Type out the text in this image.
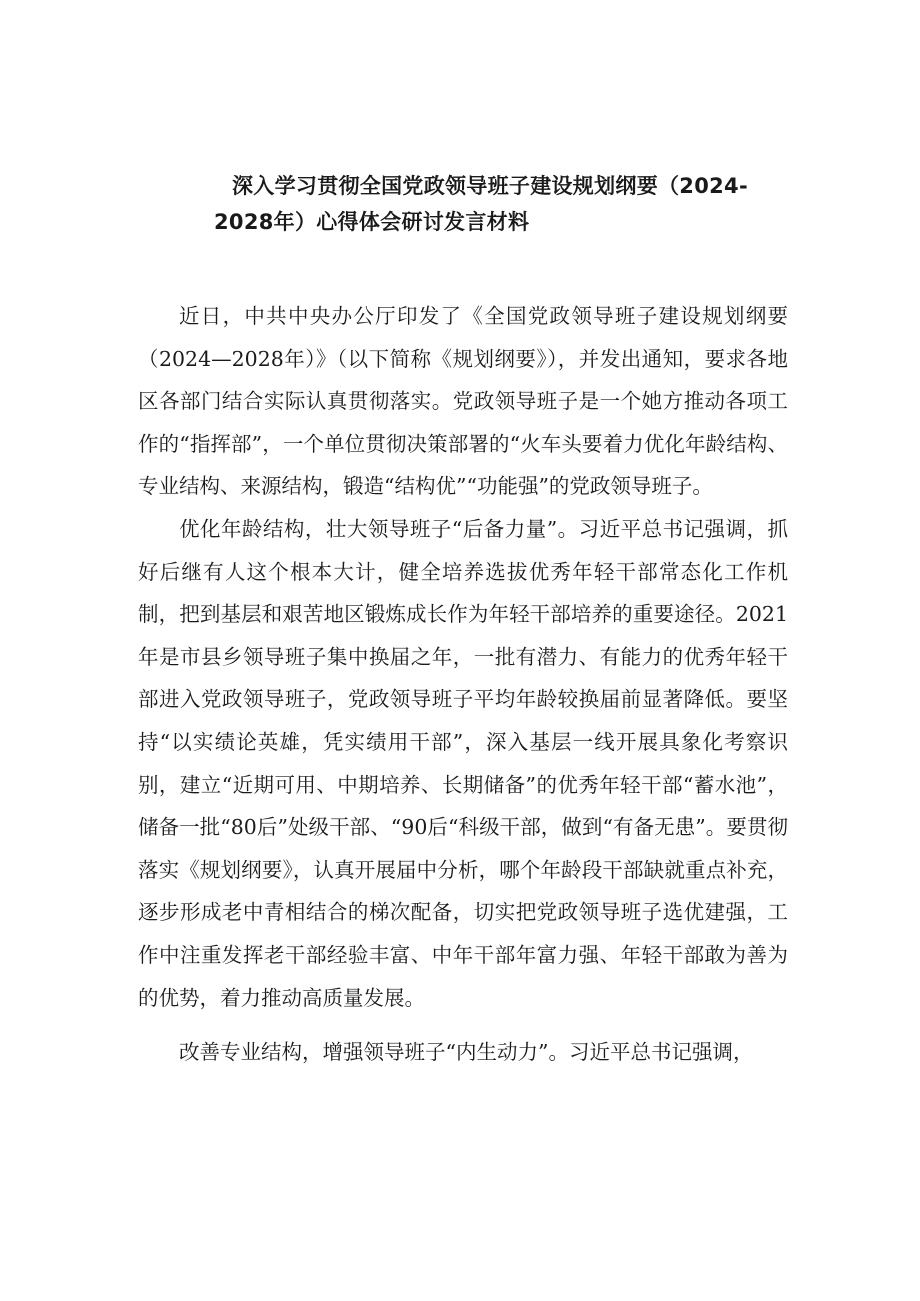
深入学习贯彻全国党政领导班子建设规划纲要（2024-
2028年）心得体会研讨发言材料

近日，中共中央办公厅印发了《全国党政领导班子建设规划纲要（2024—2028年）》（以下简称《规划纲要》），并发出通知，要求各地区各部门结合实际认真贯彻落实。党政领导班子是一个她方推动各项工作的“指挥部”，一个单位贯彻决策部署的“火车头要着力优化年龄结构、专业结构、来源结构，锻造“结构优”“功能强”的党政领导班子。

优化年龄结构，壮大领导班子“后备力量”。习近平总书记强调，抓好后继有人这个根本大计，健全培养选拔优秀年轻干部常态化工作机制，把到基层和艰苦地区锻炼成长作为年轻干部培养的重要途径。2021年是市县乡领导班子集中换届之年，一批有潜力、有能力的优秀年轻干部进入党政领导班子，党政领导班子平均年龄较换届前显著降低。要坚持“以实绩论英雄，凭实绩用干部”，深入基层一线开展具象化考察识别，建立“近期可用、中期培养、长期储备”的优秀年轻干部“蓄水池”，储备一批“80后”处级干部、“90后“科级干部，做到“有备无患”。要贯彻落实《规划纲要》，认真开展届中分析，哪个年龄段干部缺就重点补充，逐步形成老中青相结合的梯次配备，切实把党政领导班子选优建强，工作中注重发挥老干部经验丰富、中年干部年富力强、年轻干部敢为善为的优势，着力推动高质量发展。

改善专业结构，增强领导班子“内生动力”。习近平总书记强调，
